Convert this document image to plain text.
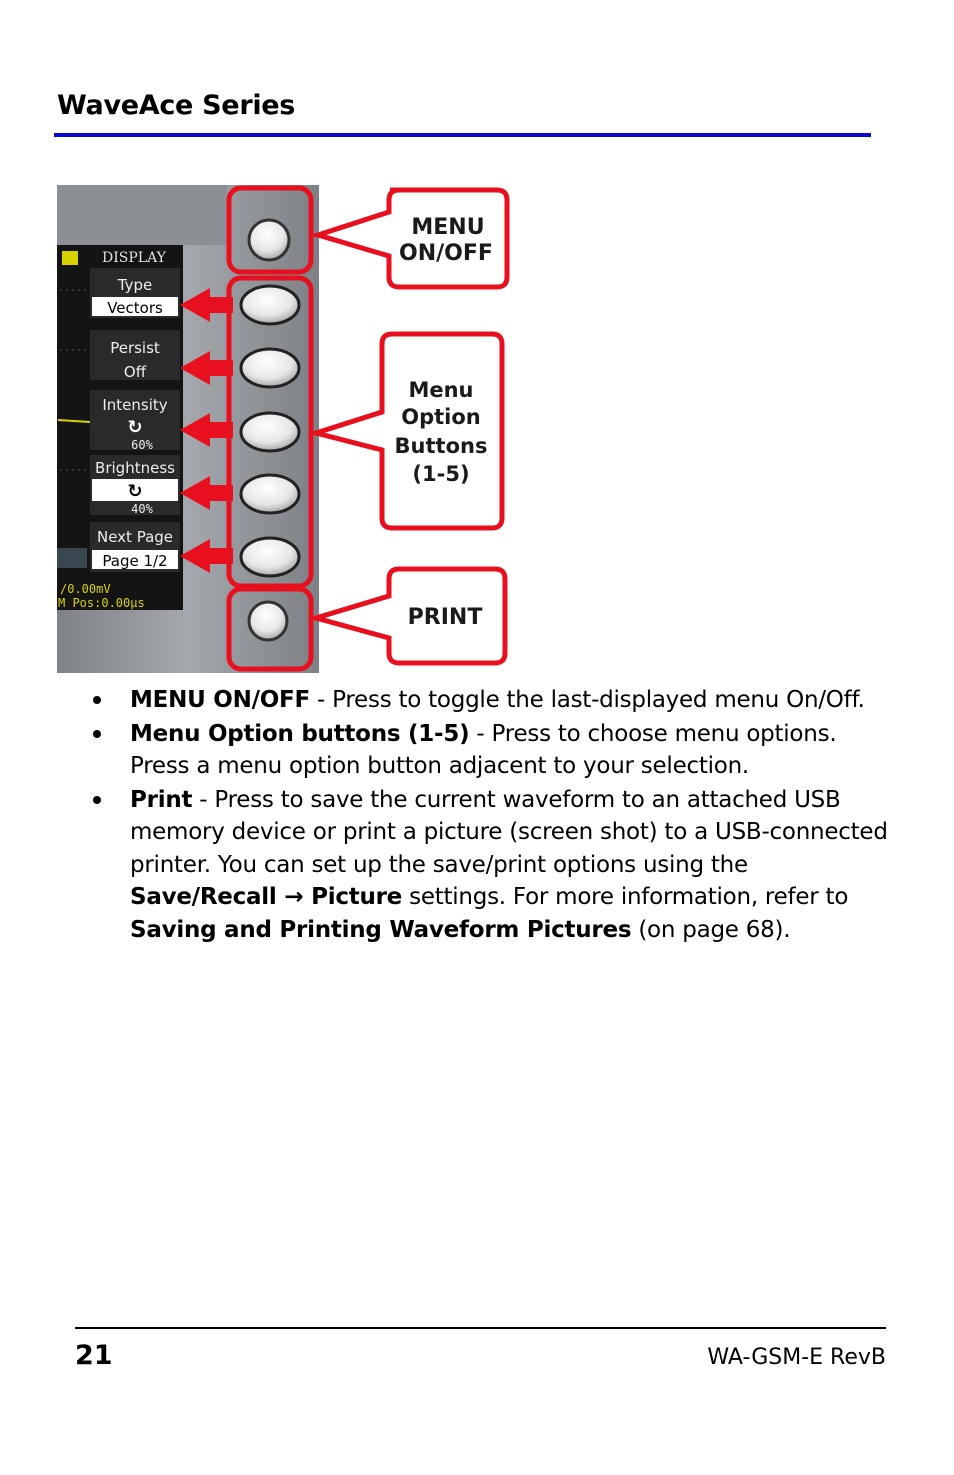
WaveAce Series
DISPLAY
Type
Vectors
Persist
Off
Intensity
↻
60%
Brightness
↻
40%
Next Page
Page 1/2
/0.00mV
M Pos:0.00µs
MENU
ON/OFF
Menu
Option
Buttons
(1-5)
PRINT
MENU ON/OFF - Press to toggle the last-displayed menu On/Off.
Menu Option buttons (1-5) - Press to choose menu options. Press a menu option button adjacent to your selection.
Print - Press to save the current waveform to an attached USB memory device or print a picture (screen shot) to a USB-connected printer. You can set up the save/print options using the Save/Recall → Picture settings. For more information, refer to Saving and Printing Waveform Pictures (on page 68).
21	WA-GSM-E RevB
